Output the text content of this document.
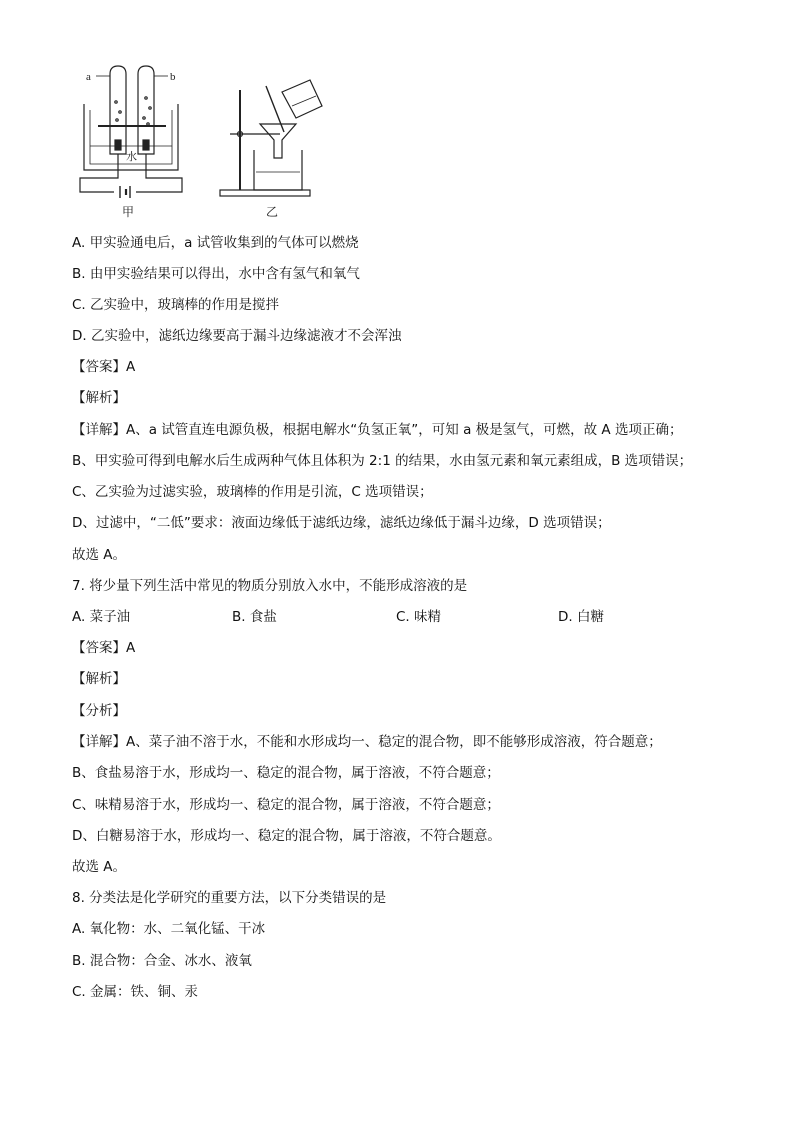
a	b
水
甲	乙
A. 甲实验通电后，a 试管收集到的气体可以燃烧
B. 由甲实验结果可以得出，水中含有氢气和氧气
C. 乙实验中，玻璃棒的作用是搅拌
D. 乙实验中，滤纸边缘要高于漏斗边缘滤液才不会浑浊
【答案】A
【解析】
【详解】A、a 试管直连电源负极，根据电解水“负氢正氧”，可知 a 极是氢气，可燃，故 A 选项正确；
B、甲实验可得到电解水后生成两种气体且体积为 2:1 的结果，水由氢元素和氧元素组成，B 选项错误；
C、乙实验为过滤实验，玻璃棒的作用是引流，C 选项错误；
D、过滤中，“二低”要求：液面边缘低于滤纸边缘，滤纸边缘低于漏斗边缘，D 选项错误；
故选 A。
7. 将少量下列生活中常见的物质分别放入水中，不能形成溶液的是
A. 菜子油	B. 食盐	C. 味精	D. 白糖
【答案】A
【解析】
【分析】
【详解】A、菜子油不溶于水，不能和水形成均一、稳定的混合物，即不能够形成溶液，符合题意；
B、食盐易溶于水，形成均一、稳定的混合物，属于溶液，不符合题意；
C、味精易溶于水，形成均一、稳定的混合物，属于溶液，不符合题意；
D、白糖易溶于水，形成均一、稳定的混合物，属于溶液，不符合题意。
故选 A。
8. 分类法是化学研究的重要方法，以下分类错误的是
A. 氧化物：水、二氧化锰、干冰
B. 混合物：合金、冰水、液氧
C. 金属：铁、铜、汞
